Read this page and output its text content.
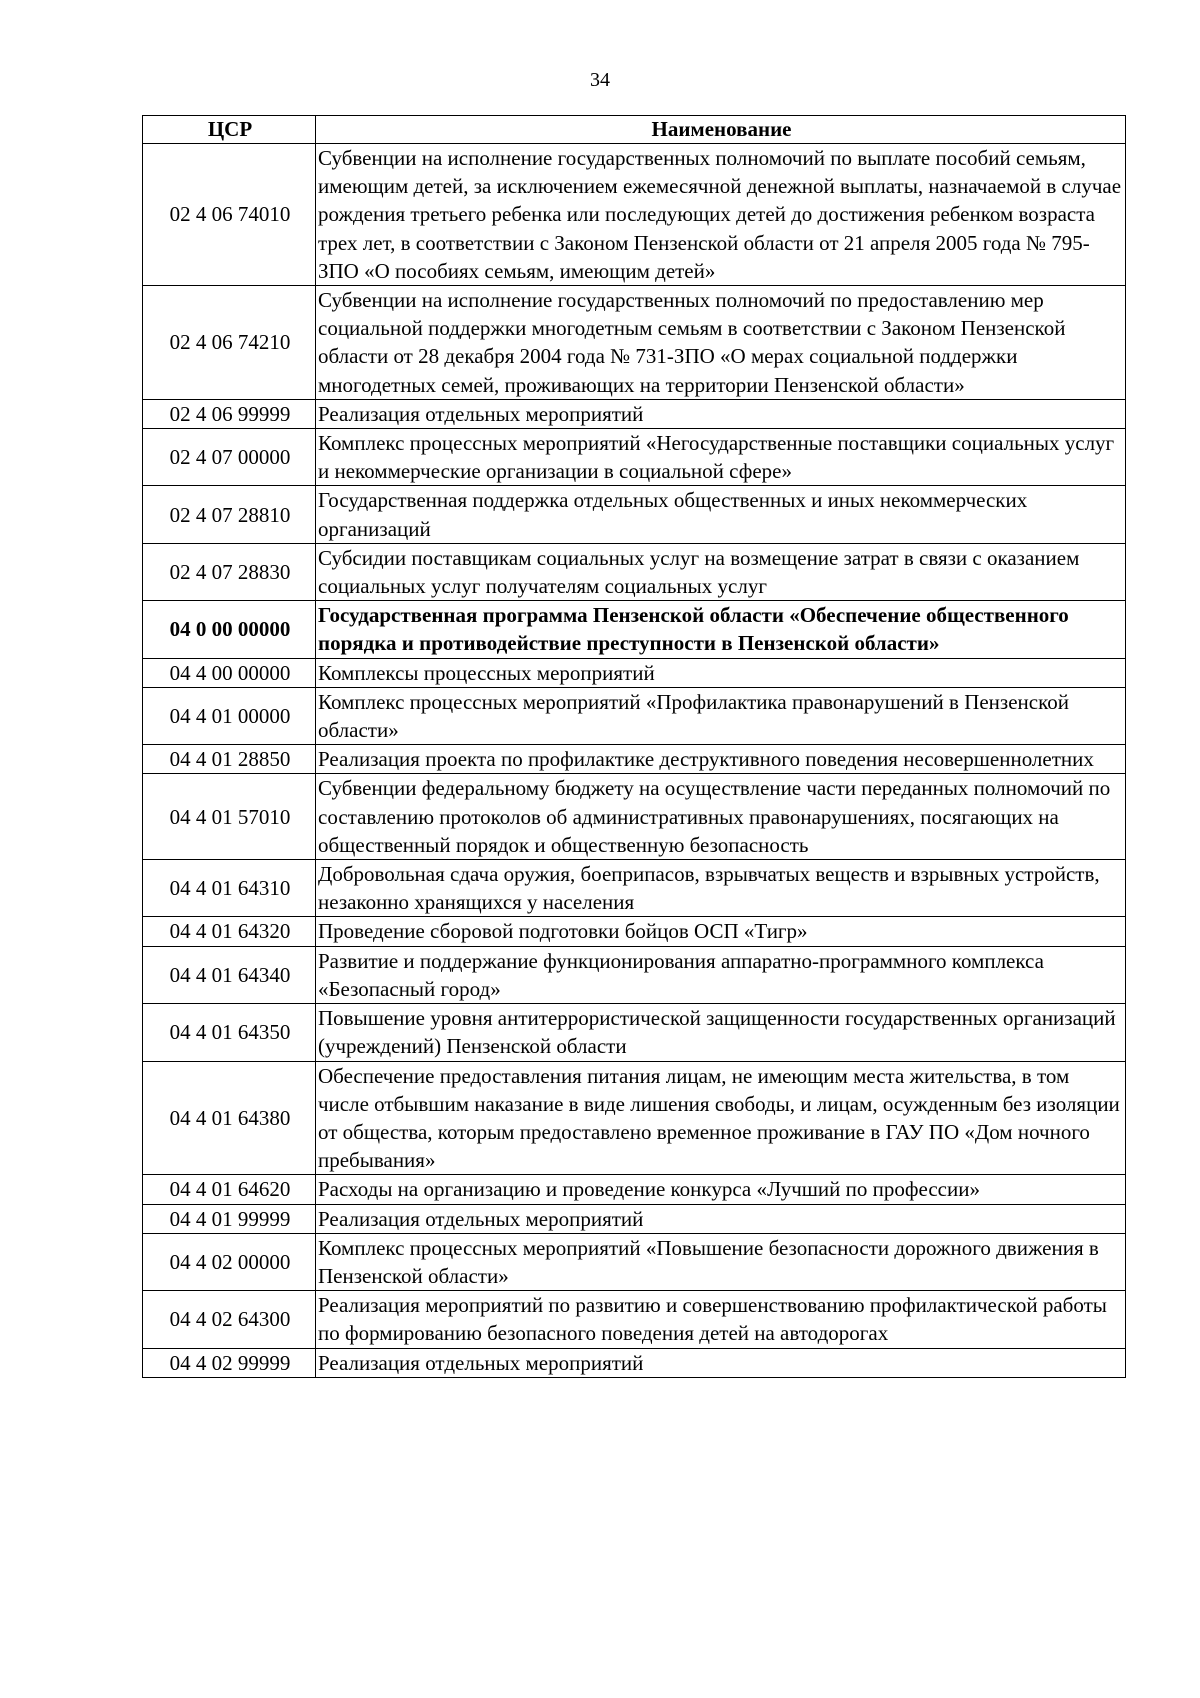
34
ЦСР	Наименование
02 4 06 74010	Субвенции на исполнение государственных полномочий по выплате пособий семьям, имеющим детей, за исключением ежемесячной денежной выплаты, назначаемой в случае рождения третьего ребенка или последующих детей до достижения ребенком возраста трех лет, в соответствии с Законом Пензенской области от 21 апреля 2005 года № 795-ЗПО «О пособиях семьям, имеющим детей»
02 4 06 74210	Субвенции на исполнение государственных полномочий по предоставлению мер социальной поддержки многодетным семьям в соответствии с Законом Пензенской области от 28 декабря 2004 года № 731-ЗПО «О мерах социальной поддержки многодетных семей, проживающих на территории Пензенской области»
02 4 06 99999	Реализация отдельных мероприятий
02 4 07 00000	Комплекс процессных мероприятий «Негосударственные поставщики социальных услуг и некоммерческие организации в социальной сфере»
02 4 07 28810	Государственная поддержка отдельных общественных и иных некоммерческих организаций
02 4 07 28830	Субсидии поставщикам социальных услуг на возмещение затрат в связи с оказанием социальных услуг получателям социальных услуг
04 0 00 00000	Государственная программа Пензенской области «Обеспечение общественного порядка и противодействие преступности в Пензенской области»
04 4 00 00000	Комплексы процессных мероприятий
04 4 01 00000	Комплекс процессных мероприятий «Профилактика правонарушений в Пензенской области»
04 4 01 28850	Реализация проекта по профилактике деструктивного поведения несовершеннолетних
04 4 01 57010	Субвенции федеральному бюджету на осуществление части переданных полномочий по составлению протоколов об административных правонарушениях, посягающих на общественный порядок и общественную безопасность
04 4 01 64310	Добровольная сдача оружия, боеприпасов, взрывчатых веществ и взрывных устройств, незаконно хранящихся у населения
04 4 01 64320	Проведение сборовой подготовки бойцов ОСП «Тигр»
04 4 01 64340	Развитие и поддержание функционирования аппаратно-программного комплекса «Безопасный город»
04 4 01 64350	Повышение уровня антитеррористической защищенности государственных организаций (учреждений) Пензенской области
04 4 01 64380	Обеспечение предоставления питания лицам, не имеющим места жительства, в том числе отбывшим наказание в виде лишения свободы, и лицам, осужденным без изоляции от общества, которым предоставлено временное проживание в ГАУ ПО «Дом ночного пребывания»
04 4 01 64620	Расходы на организацию и проведение конкурса «Лучший по профессии»
04 4 01 99999	Реализация отдельных мероприятий
04 4 02 00000	Комплекс процессных мероприятий «Повышение безопасности дорожного движения в Пензенской области»
04 4 02 64300	Реализация мероприятий по развитию и совершенствованию профилактической работы по формированию безопасного поведения детей на автодорогах
04 4 02 99999	Реализация отдельных мероприятий
